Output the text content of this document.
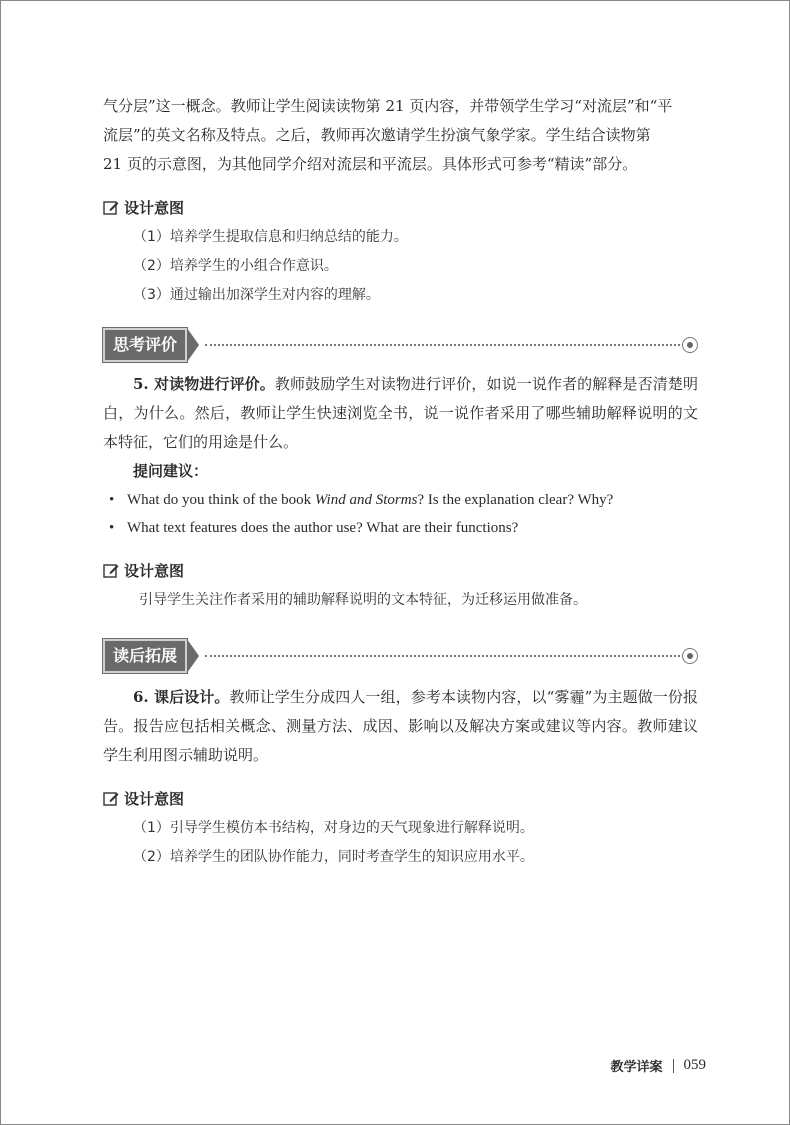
气分层”这一概念。教师让学生阅读读物第 21 页内容，并带领学生学习“对流层”和“平

流层”的英文名称及特点。之后，教师再次邀请学生扮演气象学家。学生结合读物第

21 页的示意图，为其他同学介绍对流层和平流层。具体形式可参考“精读”部分。

设计意图

（1）培养学生提取信息和归纳总结的能力。

（2）培养学生的小组合作意识。

（3）通过输出加深学生对内容的理解。

思考评价

5. 对读物进行评价。教师鼓励学生对读物进行评价，如说一说作者的解释是否清楚明白，为什么。然后，教师让学生快速浏览全书，说一说作者采用了哪些辅助解释说明的文本特征，它们的用途是什么。

提问建议：

• What do you think of the book Wind and Storms? Is the explanation clear? Why?
• What text features does the author use? What are their functions?
设计意图

引导学生关注作者采用的辅助解释说明的文本特征，为迁移运用做准备。

读后拓展

6. 课后设计。教师让学生分成四人一组，参考本读物内容，以“雾霾”为主题做一份报告。报告应包括相关概念、测量方法、成因、影响以及解决方案或建议等内容。教师建议学生利用图示辅助说明。

设计意图

（1）引导学生模仿本书结构，对身边的天气现象进行解释说明。

（2）培养学生的团队协作能力，同时考查学生的知识应用水平。

教学详案 059
